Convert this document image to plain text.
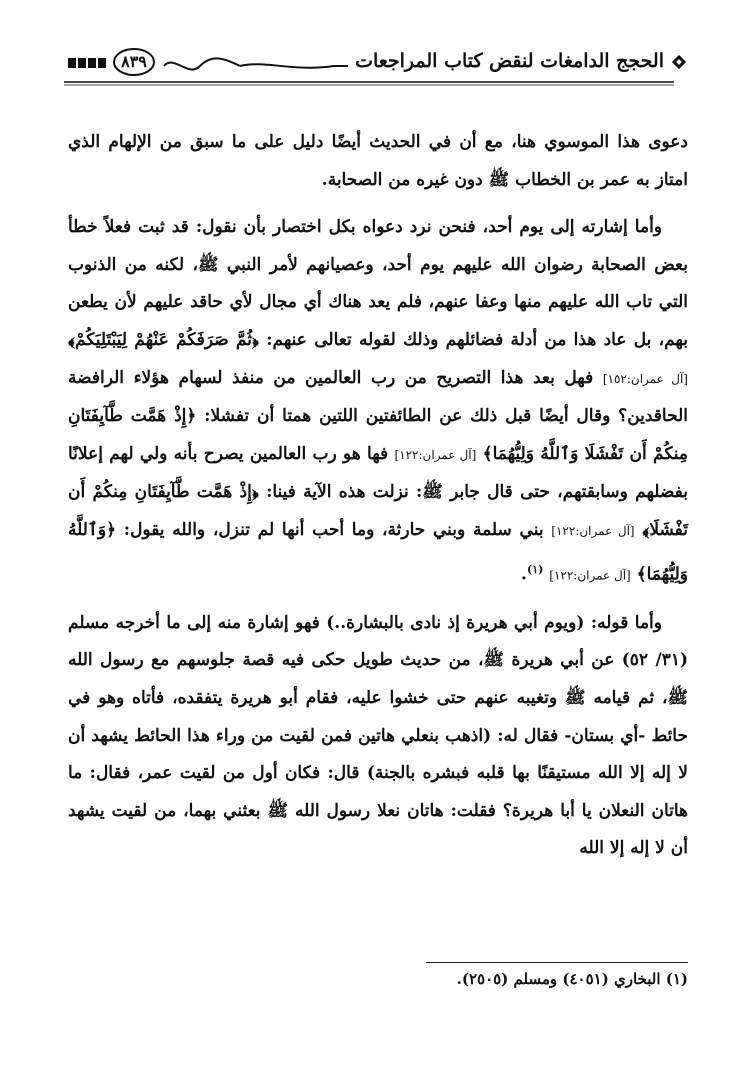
الحجج الدامغات لنقض كتاب المراجعات
٨٣٩

دعوى هذا الموسوي هنا، مع أن في الحديث أيضًا دليل على ما سبق من الإلهام الذي امتاز به عمر بن الخطاب ﷺ دون غيره من الصحابة.

وأما إشارته إلى يوم أحد، فنحن نرد دعواه بكل اختصار بأن نقول: قد ثبت فعلاً خطأ بعض الصحابة رضوان الله عليهم يوم أحد، وعصيانهم لأمر النبي ﷺ، لكنه من الذنوب التي تاب الله عليهم منها وعفا عنهم، فلم يعد هناك أي مجال لأي حاقد عليهم لأن يطعن بهم، بل عاد هذا من أدلة فضائلهم وذلك لقوله تعالى عنهم: ﴿ثُمَّ صَرَفَكُمْ عَنْهُمْ لِيَبْتَلِيَكُمْ﴾ [آل عمران:١٥٢] فهل بعد هذا التصريح من رب العالمين من منفذ لسهام هؤلاء الرافضة الحاقدين؟ وقال أيضًا قبل ذلك عن الطائفتين اللتين همتا أن تفشلا: ﴿إِذْ هَمَّت طَّآيِفَتَانِ مِنكُمْ أَن تَفْشَلَا وَٱللَّهُ وَلِيُّهُمَا﴾ [آل عمران:١٢٢] فها هو رب العالمين يصرح بأنه ولي لهم إعلانًا بفضلهم وسابقتهم، حتى قال جابر ﷺ: نزلت هذه الآية فينا: ﴿إِذْ هَمَّت طَّآيِفَتَانِ مِنكُمْ أَن تَفْشَلَا﴾ [آل عمران:١٢٢] بني سلمة وبني حارثة، وما أحب أنها لم تنزل، والله يقول: ﴿وَٱللَّهُ وَلِيُّهُمَا﴾ [آل عمران:١٢٢] $^{(١)}$.

وأما قوله: (ويوم أبي هريرة إذ نادى بالبشارة..) فهو إشارة منه إلى ما أخرجه مسلم (٣١/ ٥٢) عن أبي هريرة ﷺ، من حديث طويل حكى فيه قصة جلوسهم مع رسول الله ﷺ، ثم قيامه ﷺ وتغيبه عنهم حتى خشوا عليه، فقام أبو هريرة يتفقده، فأتاه وهو في حائط -أي بستان- فقال له: (اذهب بنعلي هاتين فمن لقيت من وراء هذا الحائط يشهد أن لا إله إلا الله مستيقنًا بها قلبه فبشره بالجنة) قال: فكان أول من لقيت عمر، فقال: ما هاتان النعلان يا أبا هريرة؟ فقلت: هاتان نعلا رسول الله ﷺ بعثني بهما، من لقيت يشهد أن لا إله إلا الله

(١) البخاري (٤٠٥١) ومسلم (٢٥٠٥).
